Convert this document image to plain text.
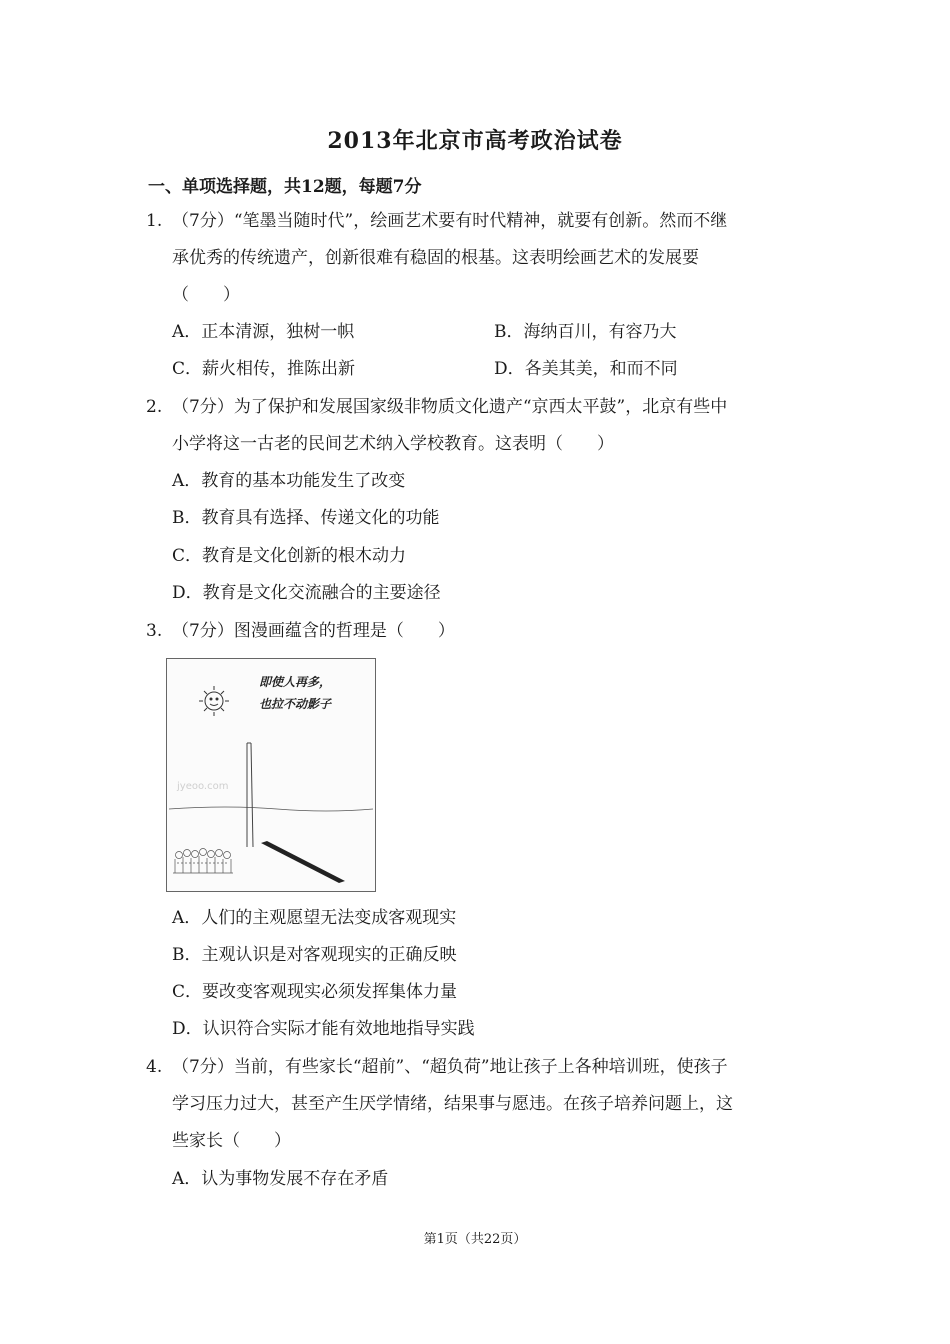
2013年北京市高考政治试卷
一、单项选择题，共12题，每题7分
1. （7分）“笔墨当随时代”，绘画艺术要有时代精神，就要有创新。然而不继
承优秀的传统遗产，创新很难有稳固的根基。这表明绘画艺术的发展要
（　　）
A．正本清源，独树一帜	B．海纳百川，有容乃大
C．薪火相传，推陈出新	D．各美其美，和而不同
2. （7分）为了保护和发展国家级非物质文化遗产“京西太平鼓”，北京有些中
小学将这一古老的民间艺术纳入学校教育。这表明（　　）
A．教育的基本功能发生了改变
B．教育具有选择、传递文化的功能
C．教育是文化创新的根木动力
D．教育是文化交流融合的主要途径
3. （7分）图漫画蕴含的哲理是（　　）
即使人再多，
也拉不动影子
jyeoo.com
A．人们的主观愿望无法变成客观现实
B．主观认识是对客观现实的正确反映
C．要改变客观现实必须发挥集体力量
D．认识符合实际才能有效地地指导实践
4. （7分）当前，有些家长“超前”、“超负荷”地让孩子上各种培训班，使孩子
学习压力过大，甚至产生厌学情绪，结果事与愿违。在孩子培养问题上，这
些家长（　　）
A．认为事物发展不存在矛盾
第1页（共22页）
